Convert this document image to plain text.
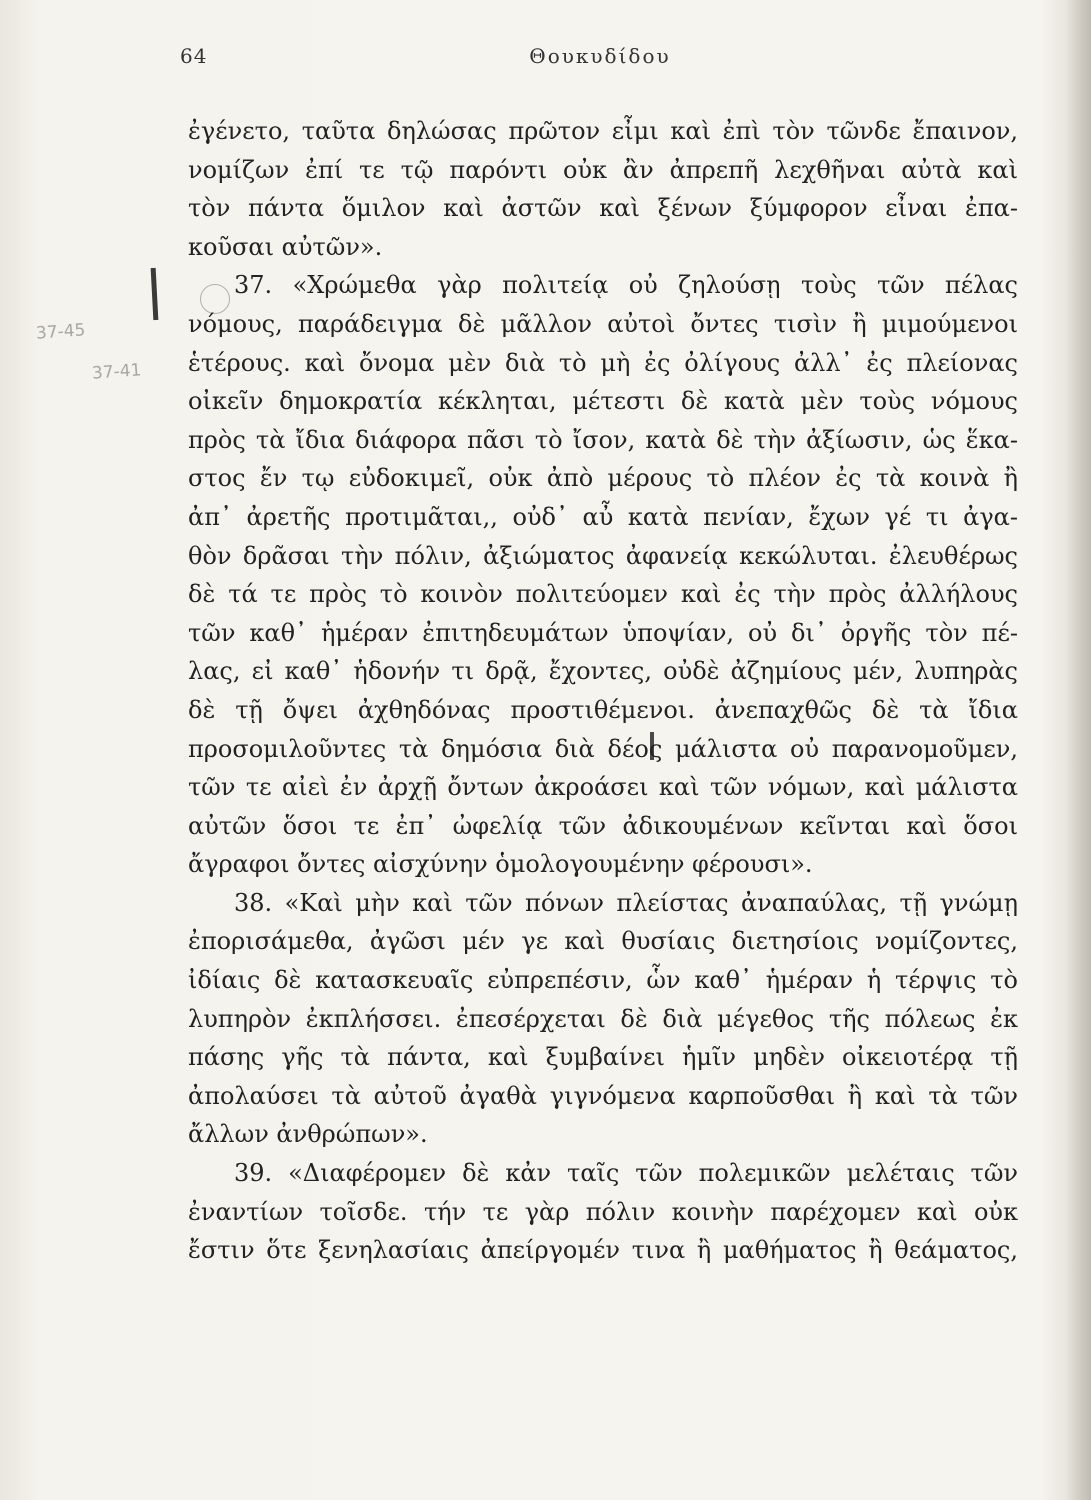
64	Θουκυδίδου
37-45
37-41
ἐγένετο, ταῦτα δηλώσας πρῶτον εἶμι καὶ ἐπὶ τὸν τῶνδε ἔπαινον,
νομίζων ἐπί τε τῷ παρόντι οὐκ ἂν ἀπρεπῆ λεχθῆναι αὐτὰ καὶ
τὸν πάντα ὅμιλον καὶ ἀστῶν καὶ ξένων ξύμφορον εἶναι ἐπα-
κοῦσαι αὐτῶν».
37. «Χρώμεθα γὰρ πολιτείᾳ οὐ ζηλούσῃ τοὺς τῶν πέλας
νόμους, παράδειγμα δὲ μᾶλλον αὐτοὶ ὄντες τισὶν ἢ μιμούμενοι
ἑτέρους. καὶ ὄνομα μὲν διὰ τὸ μὴ ἐς ὀλίγους ἀλλ᾽ ἐς πλείονας
οἰκεῖν δημοκρατία κέκληται, μέτεστι δὲ κατὰ μὲν τοὺς νόμους
πρὸς τὰ ἴδια διάφορα πᾶσι τὸ ἴσον, κατὰ δὲ τὴν ἀξίωσιν, ὡς ἕκα-
στος ἔν τῳ εὐδοκιμεῖ, οὐκ ἀπὸ μέρους τὸ πλέον ἐς τὰ κοινὰ ἢ
ἀπ᾽ ἀρετῆς προτιμᾶται,, οὐδ᾽ αὖ κατὰ πενίαν, ἔχων γέ τι ἀγα-
θὸν δρᾶσαι τὴν πόλιν, ἀξιώματος ἀφανείᾳ κεκώλυται. ἐλευθέρως
δὲ τά τε πρὸς τὸ κοινὸν πολιτεύομεν καὶ ἐς τὴν πρὸς ἀλλήλους
τῶν καθ᾽ ἡμέραν ἐπιτηδευμάτων ὑποψίαν, οὐ δι᾽ ὀργῆς τὸν πέ-
λας, εἰ καθ᾽ ἡδονήν τι δρᾷ, ἔχοντες, οὐδὲ ἀζημίους μέν, λυπηρὰς
δὲ τῇ ὄψει ἀχθηδόνας προστιθέμενοι. ἀνεπαχθῶς δὲ τὰ ἴδια
προσομιλοῦντες τὰ δημόσια διὰ δέος μάλιστα οὐ παρανομοῦμεν,
τῶν τε αἰεὶ ἐν ἀρχῇ ὄντων ἀκροάσει καὶ τῶν νόμων, καὶ μάλιστα
αὐτῶν ὅσοι τε ἐπ᾽ ὠφελίᾳ τῶν ἀδικουμένων κεῖνται καὶ ὅσοι
ἄγραφοι ὄντες αἰσχύνην ὁμολογουμένην φέρουσι».
38. «Καὶ μὴν καὶ τῶν πόνων πλείστας ἀναπαύλας, τῇ γνώμῃ
ἐπορισάμεθα, ἀγῶσι μέν γε καὶ θυσίαις διετησίοις νομίζοντες,
ἰδίαις δὲ κατασκευαῖς εὐπρεπέσιν, ὧν καθ᾽ ἡμέραν ἡ τέρψις τὸ
λυπηρὸν ἐκπλήσσει. ἐπεσέρχεται δὲ διὰ μέγεθος τῆς πόλεως ἐκ
πάσης γῆς τὰ πάντα, καὶ ξυμβαίνει ἡμῖν μηδὲν οἰκειοτέρᾳ τῇ
ἀπολαύσει τὰ αὐτοῦ ἀγαθὰ γιγνόμενα καρποῦσθαι ἢ καὶ τὰ τῶν
ἄλλων ἀνθρώπων».
39. «Διαφέρομεν δὲ κἀν ταῖς τῶν πολεμικῶν μελέταις τῶν
ἐναντίων τοῖσδε. τήν τε γὰρ πόλιν κοινὴν παρέχομεν καὶ οὐκ
ἔστιν ὅτε ξενηλασίαις ἀπείργομέν τινα ἢ μαθήματος ἢ θεάματος,
